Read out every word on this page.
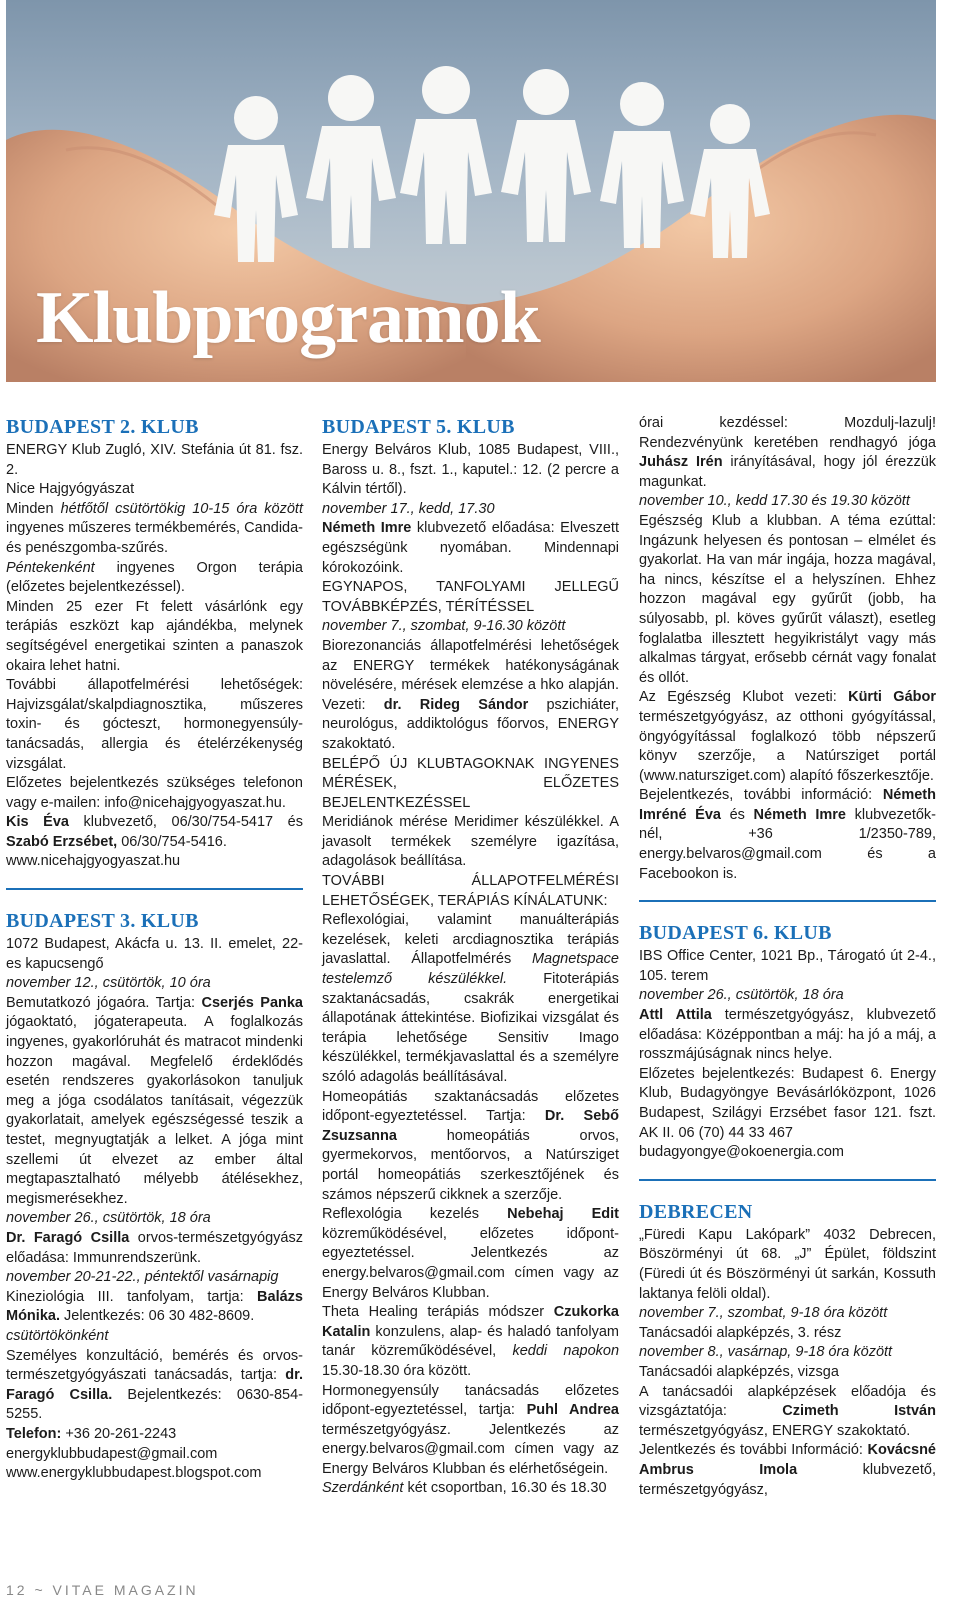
Klubprogramok
BUDAPEST 2. KLUB

ENERGY Klub Zugló, XIV. Stefánia út 81. fsz. 2.

Nice Hajgyógyászat

Minden hétfőtől csütörtökig 10-15 óra között ingyenes műszeres termékbemérés, Candida- és penészgomba-szűrés.

Péntekenként ingyenes Orgon terápia (előzetes bejelentkezéssel).

Minden 25 ezer Ft felett vásárlónk egy terápiás eszközt kap ajándékba, melynek segítségével energetikai szinten a panaszok okaira lehet hatni.

További állapotfelmérési lehetőségek: Hajvizsgálat/skalpdiagnosztika, műszeres toxin- és gócteszt, hormonegyensúly-tanácsadás, allergia és ételérzékenység vizsgálat.

Előzetes bejelentkezés szükséges telefonon vagy e-mailen: info@nicehajgyogyaszat.hu.

Kis Éva klubvezető, 06/30/754-5417 és Szabó Erzsébet, 06/30/754-5416.

www.nicehajgyogyaszat.hu

BUDAPEST 3. KLUB

1072 Budapest, Akácfa u. 13. II. emelet, 22-es kapucsengő

november 12., csütörtök, 10 óra

Bemutatkozó jógaóra. Tartja: Cserjés Panka jógaoktató, jógaterapeuta. A foglalkozás ingyenes, gyakorlóruhát és matracot mindenki hozzon magával. Megfelelő érdeklődés esetén rendszeres gyakorlásokon tanuljuk meg a jóga csodálatos tanításait, végezzük gyakorlatait, amelyek egészségessé teszik a testet, megnyugtatják a lelket. A jóga mint szellemi út elvezet az ember által megtapasztalható mélyebb átélésekhez, megismerésekhez.

november 26., csütörtök, 18 óra

Dr. Faragó Csilla orvos-természetgyógyász előadása: Immunrendszerünk.

november 20-21-22., péntektől vasárnapig

Kineziológia III. tanfolyam, tartja: Balázs Mónika. Jelentkezés: 06 30 482-8609.

csütörtökönként

Személyes konzultáció, bemérés és orvos-természetgyógyászati tanácsadás, tartja: dr. Faragó Csilla. Bejelentkezés: 0630-854-5255.

Telefon: +36 20-261-2243

energyklubbudapest@gmail.com

www.energyklubbudapest.blogspot.com

BUDAPEST 5. KLUB

Energy Belváros Klub, 1085 Budapest, VIII., Baross u. 8., fszt. 1., kaputel.: 12. (2 percre a Kálvin tértől).

november 17., kedd, 17.30

Németh Imre klubvezető előadása: Elveszett egészségünk nyomában. Mindennapi kórokozóink.

EGYNAPOS, TANFOLYAMI JELLEGŰ TOVÁBBKÉPZÉS, TÉRÍTÉSSEL

november 7., szombat, 9-16.30 között

Biorezonanciás állapotfelmérési lehetőségek az ENERGY termékek hatékonyságának növelésére, mérések elemzése a hko alapján. Vezeti: dr. Rideg Sándor pszichiáter, neurológus, addiktológus főorvos, ENERGY szakoktató.

BELÉPŐ ÚJ KLUBTAGOKNAK INGYENES MÉRÉSEK, ELŐZETES BEJELENTKEZÉSSEL

Meridiánok mérése Meridimer készülékkel. A javasolt termékek személyre igazítása, adagolások beállítása.

TOVÁBBI ÁLLAPOTFELMÉRÉSI LEHETŐSÉGEK, TERÁPIÁS KÍNÁLATUNK:

Reflexológiai, valamint manuálterápiás kezelések, keleti arcdiagnosztika terápiás javaslattal. Állapotfelmérés Magnetspace testelemző készülékkel. Fitoterápiás szaktanácsadás, csakrák energetikai állapotának áttekintése. Biofizikai vizsgálat és terápia lehetősége Sensitiv Imago készülékkel, termékjavaslattal és a személyre szóló adagolás beállításával.

Homeopátiás szaktanácsadás előzetes időpont-egyeztetéssel. Tartja: Dr. Sebő Zsuzsanna homeopátiás orvos, gyermekorvos, mentőorvos, a Natúrsziget portál homeopátiás szerkesztőjének és számos népszerű cikknek a szerzője.

Reflexológia kezelés Nebehaj Edit közreműködésével, előzetes időpont-egyeztetéssel. Jelentkezés az energy.belvaros@gmail.com címen vagy az Energy Belváros Klubban.

Theta Healing terápiás módszer Czukorka Katalin konzulens, alap- és haladó tanfolyam tanár közreműködésével, keddi napokon 15.30-18.30 óra között.

Hormonegyensúly tanácsadás előzetes időpont-egyeztetéssel, tartja: Puhl Andrea természetgyógyász. Jelentkezés az energy.belvaros@gmail.com címen vagy az Energy Belváros Klubban és elérhetőségein.

Szerdánként két csoportban, 16.30 és 18.30

órai kezdéssel: Mozdulj-lazulj! Rendezvényünk keretében rendhagyó jóga Juhász Irén irányításával, hogy jól érezzük magunkat.

november 10., kedd 17.30 és 19.30 között

Egészség Klub a klubban. A téma ezúttal: Ingázunk helyesen és pontosan – elmélet és gyakorlat. Ha van már ingája, hozza magával, ha nincs, készítse el a helyszínen. Ehhez hozzon magával egy gyűrűt (jobb, ha súlyosabb, pl. köves gyűrűt választ), esetleg foglalatba illesztett hegyikristályt vagy más alkalmas tárgyat, erősebb cérnát vagy fonalat és ollót.

Az Egészség Klubot vezeti: Kürti Gábor természetgyógyász, az otthoni gyógyítással, öngyógyítással foglalkozó több népszerű könyv szerzője, a Natúrsziget portál (www.natursziget.com) alapító főszerkesztője.

Bejelentkezés, további információ: Németh Imréné Éva és Németh Imre klubvezetők-nél, +36 1/2350-789, energy.belvaros@gmail.com és a Facebookon is.

BUDAPEST 6. KLUB

IBS Office Center, 1021 Bp., Tárogató út 2-4., 105. terem

november 26., csütörtök, 18 óra

Attl Attila természetgyógyász, klubvezető előadása: Középpontban a máj: ha jó a máj, a rosszmájúságnak nincs helye.

Előzetes bejelentkezés: Budapest 6. Energy Klub, Budagyöngye Bevásárlóközpont, 1026 Budapest, Szilágyi Erzsébet fasor 121. fszt. AK II. 06 (70) 44 33 467

budagyongye@okoenergia.com

DEBRECEN

„Füredi Kapu Lakópark” 4032 Debrecen, Böszörményi út 68. „J” Épület, földszint (Füredi út és Böszörményi út sarkán, Kossuth laktanya felöli oldal).

november 7., szombat, 9-18 óra között

Tanácsadói alapképzés, 3. rész

november 8., vasárnap, 9-18 óra között

Tanácsadói alapképzés, vizsga

A tanácsadói alapképzések előadója és vizsgáztatója: Czimeth István természetgyógyász, ENERGY szakoktató.

Jelentkezés és további Információ: Kovácsné Ambrus Imola klubvezető, természetgyógyász,

12 ~ VITAE MAGAZIN
